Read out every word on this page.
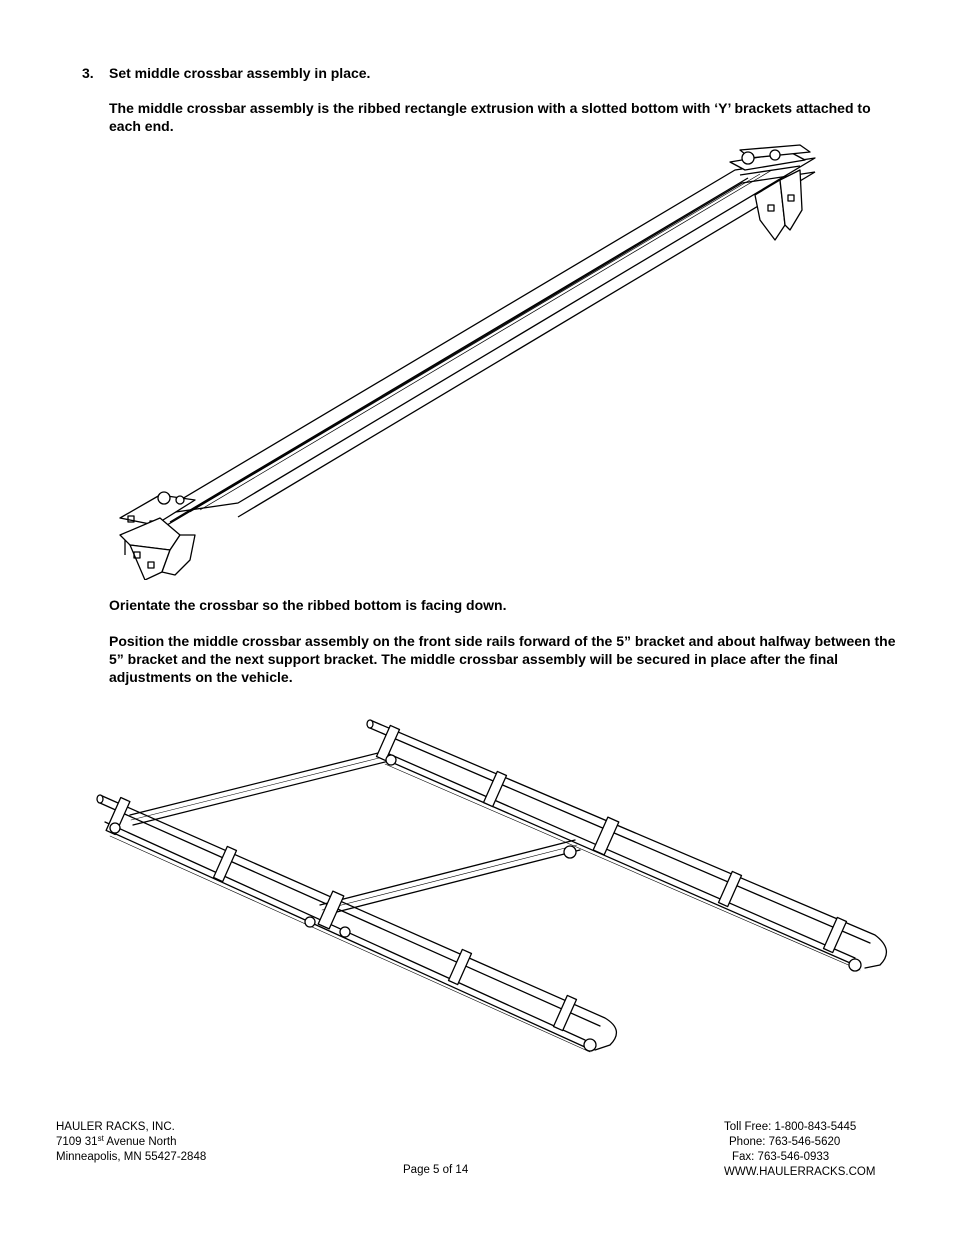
3. Set middle crossbar assembly in place.
The middle crossbar assembly is the ribbed rectangle extrusion with a slotted bottom with ‘Y’ brackets attached to each end.
Orientate the crossbar so the ribbed bottom is facing down.
Position the middle crossbar assembly on the front side rails forward of the 5” bracket and about halfway between the 5” bracket and the next support bracket. The middle crossbar assembly will be secured in place after the final adjustments on the vehicle.
HAULER RACKS, INC.
7109 31st Avenue North
Minneapolis, MN 55427-2848
Page 5 of 14
Toll Free: 1-800-843-5445
Phone: 763-546-5620
Fax: 763-546-0933
WWW.HAULERRACKS.COM
